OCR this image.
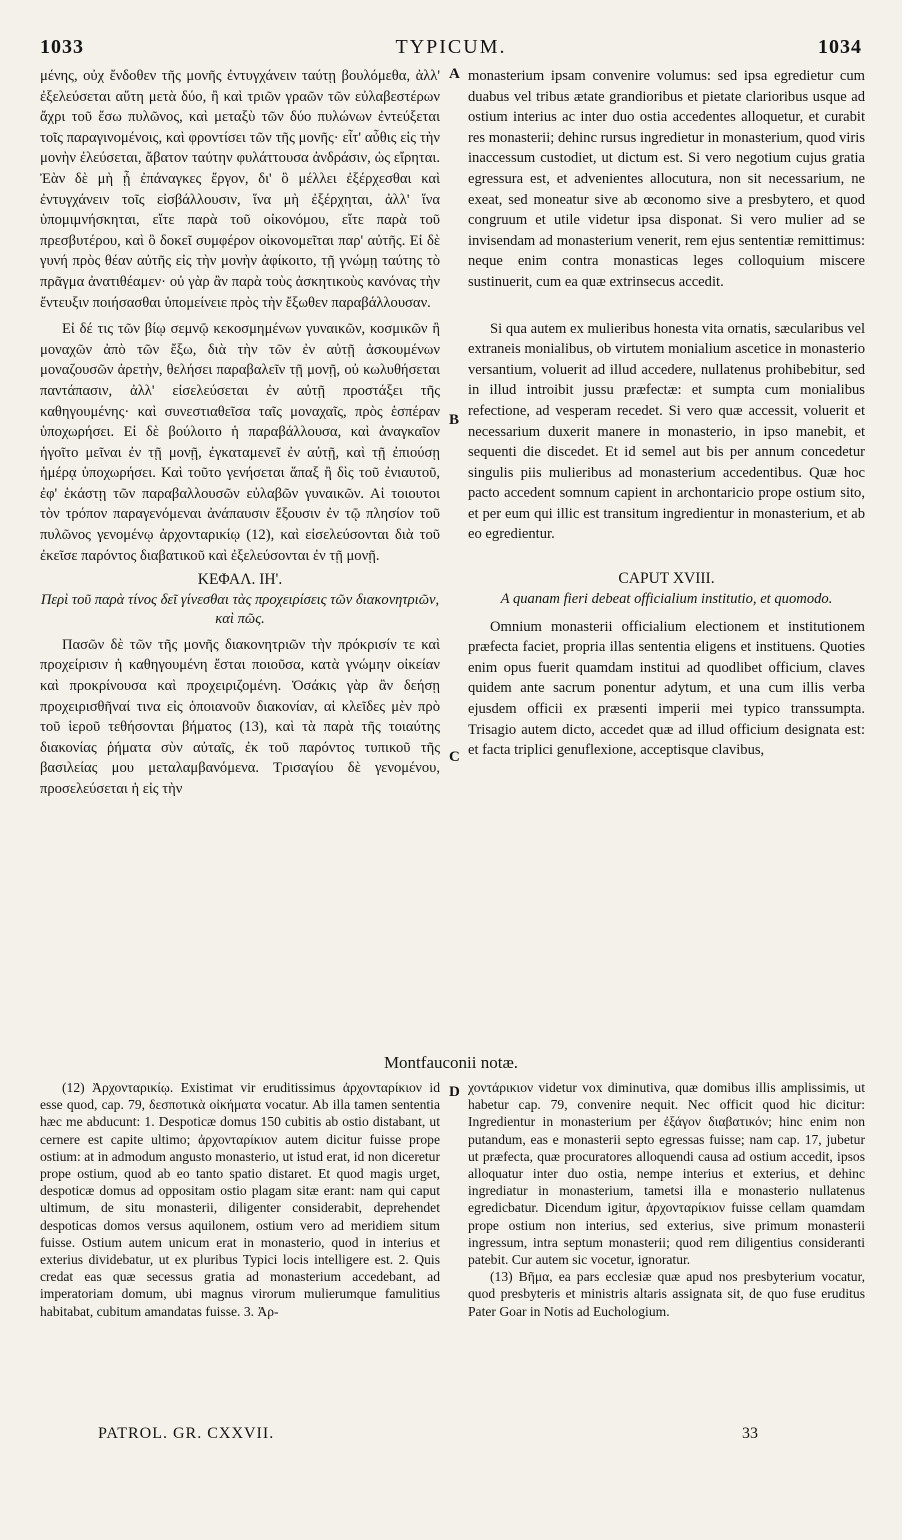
1033	TYPICUM.	1034

μένης, οὐχ ἔνδοθεν τῆς μονῆς ἐντυγχάνειν ταύτῃ βουλόμεθα, ἀλλ' ἐξελεύσεται αὕτη μετὰ δύο, ἢ καὶ τριῶν γραῶν τῶν εὐλαβεστέρων ἄχρι τοῦ ἔσω πυλῶνος, καὶ μεταξὺ τῶν δύο πυλώνων ἐντεύξεται τοῖς παραγινομένοις, καὶ φροντίσει τῶν τῆς μονῆς· εἶτ' αὖθις εἰς τὴν μονὴν ἐλεύσεται, ἄβατον ταύτην φυλάττουσα ἀνδράσιν, ὡς εἴρηται. Ἐὰν δὲ μὴ ᾖ ἐπάναγκες ἔργον, δι' ὃ μέλλει ἐξέρχεσθαι καὶ ἐντυγχάνειν τοῖς εἰσβάλλουσιν, ἵνα μὴ ἐξέρχηται, ἀλλ' ἵνα ὑπομιμνήσκηται, εἴτε παρὰ τοῦ οἰκονόμου, εἴτε παρὰ τοῦ πρεσβυτέρου, καὶ ὃ δοκεῖ συμφέρον οἰκονομεῖται παρ' αὐτῆς. Εἰ δὲ γυνή πρὸς θέαν αὐτῆς εἰς τὴν μονὴν ἀφίκοιτο, τῇ γνώμῃ ταύτης τὸ πρᾶγμα ἀνατιθέαμεν· οὐ γὰρ ἂν παρὰ τοὺς ἀσκητικοὺς κανόνας τὴν ἔντευξιν ποιήσασθαι ὑπομείνειε πρὸς τὴν ἔξωθεν παραβάλλουσαν.

Εἰ δέ τις τῶν βίῳ σεμνῷ κεκοσμημένων γυναικῶν, κοσμικῶν ἢ μοναχῶν ἀπὸ τῶν ἔξω, διὰ τὴν τῶν ἐν αὐτῇ ἀσκουμένων μοναζουσῶν ἀρετὴν, θελήσει παραβαλεῖν τῇ μονῇ, οὐ κωλυθήσεται παντάπασιν, ἀλλ' εἰσελεύσεται ἐν αὐτῇ προστάξει τῆς καθηγουμένης· καὶ συνεστιαθεῖσα ταῖς μοναχαῖς, πρὸς ἑσπέραν ὑποχωρήσει. Εἰ δὲ βούλοιτο ἡ παραβάλλουσα, καὶ ἀναγκαῖον ἡγοῖτο μεῖναι ἐν τῇ μονῇ, ἐγκαταμενεῖ ἐν αὐτῇ, καὶ τῇ ἐπιούσῃ ἡμέρᾳ ὑποχωρήσει. Καὶ τοῦτο γενήσεται ἅπαξ ἢ δὶς τοῦ ἐνιαυτοῦ, ἐφ' ἑκάστῃ τῶν παραβαλλουσῶν εὐλαβῶν γυναικῶν. Αἱ τοιουτοι τὸν τρόπον παραγενόμεναι ἀνάπαυσιν ἕξουσιν ἐν τῷ πλησίον τοῦ πυλῶνος γενομένῳ ἀρχονταρικίῳ (12), καὶ εἰσελεύσονται διὰ τοῦ ἐκεῖσε παρόντος διαβατικοῦ καὶ ἐξελεύσονται ἐν τῇ μονῇ.

ΚΕΦΑΛ. ΙΗ'.
Περὶ τοῦ παρὰ τίνος δεῖ γίνεσθαι τὰς προχειρίσεις τῶν διακονητριῶν, καὶ πῶς.

Πασῶν δὲ τῶν τῆς μονῆς διακονητριῶν τὴν πρόκρισίν τε καὶ προχείρισιν ἡ καθηγουμένη ἔσται ποιοῦσα, κατὰ γνώμην οἰκείαν καὶ προκρίνουσα καὶ προχειριζομένη. Ὁσάκις γὰρ ἂν δεήσῃ προχειρισθῆναί τινα εἰς ὁποιανοῦν διακονίαν, αἱ κλεῖδες μὲν πρὸ τοῦ ἱεροῦ τεθήσονται βήματος (13), καὶ τὰ παρὰ τῆς τοιαύτης διακονίας ῥήματα σὺν αὐταῖς, ἐκ τοῦ παρόντος τυπικοῦ τῆς βασιλείας μου μεταλαμβανόμενα. Τρισαγίου δὲ γενομένου, προσελεύσεται ἡ εἰς τὴν

monasterium ipsam convenire volumus: sed ipsa egredietur cum duabus vel tribus ætate grandioribus et pietate clarioribus usque ad ostium interius ac inter duo ostia accedentes alloquetur, et curabit res monasterii; dehinc rursus ingredietur in monasterium, quod viris inaccessum custodiet, ut dictum est. Si vero negotium cujus gratia egressura est, et advenientes allocutura, non sit necessarium, ne exeat, sed moneatur sive ab œconomo sive a presbytero, et quod congruum et utile videtur ipsa disponat. Si vero mulier ad se invisendam ad monasterium venerit, rem ejus sententiæ remittimus: neque enim contra monasticas leges colloquium miscere sustinuerit, cum ea quæ extrinsecus accedit.

Si qua autem ex mulieribus honesta vita ornatis, sæcularibus vel extraneis monialibus, ob virtutem monialium ascetice in monasterio versantium, voluerit ad illud accedere, nullatenus prohibebitur, sed in illud introibit jussu præfectæ: et sumpta cum monialibus refectione, ad vesperam recedet. Si vero quæ accessit, voluerit et necessarium duxerit manere in monasterio, in ipso manebit, et sequenti die discedet. Et id semel aut bis per annum concedetur singulis piis mulieribus ad monasterium accedentibus. Quæ hoc pacto accedent somnum capient in archontaricio prope ostium sito, et per eum qui illic est transitum ingredientur in monasterium, et ab eo egredientur.

CAPUT XVIII.
A quanam fieri debeat officialium institutio, et quomodo.

Omnium monasterii officialium electionem et institutionem præfecta faciet, propria illas sententia eligens et instituens. Quoties enim opus fuerit quamdam institui ad quodlibet officium, claves quidem ante sacrum ponentur adytum, et una cum illis verba ejusdem officii ex præsenti imperii mei typico transsumpta. Trisagio autem dicto, accedet quæ ad illud officium designata est: et facta triplici genuflexione, acceptisque clavibus,

A
B
C
D
Montfauconii notæ.

(12) Ἀρχονταρικίῳ. Existimat vir eruditissimus ἀρχονταρίκιον id esse quod, cap. 79, δεσποτικὰ οἰκήματα vocatur. Ab illa tamen sententia hæc me abducunt: 1. Despoticæ domus 150 cubitis ab ostio distabant, ut cernere est capite ultimo; ἀρχονταρίκιον autem dicitur fuisse prope ostium: at in admodum angusto monasterio, ut istud erat, id non diceretur prope ostium, quod ab eo tanto spatio distaret. Et quod magis urget, despoticæ domus ad oppositam ostio plagam sitæ erant: nam qui caput ultimum, de situ monasterii, diligenter considerabit, deprehendet despoticas domos versus aquilonem, ostium vero ad meridiem situm fuisse. Ostium autem unicum erat in monasterio, quod in interius et exterius dividebatur, ut ex pluribus Typici locis intelligere est. 2. Quis credat eas quæ secessus gratia ad monasterium accedebant, ad imperatoriam domum, ubi magnus virorum mulierumque famulitius habitabat, cubitum amandatas fuisse. 3. Ἀρ-

χοντάρικιον videtur vox diminutiva, quæ domibus illis amplissimis, ut habetur cap. 79, convenire nequit. Nec officit quod hic dicitur: Ingredientur in monasterium per ἐξάγον διαβατικόν; hinc enim non putandum, eas e monasterii septo egressas fuisse; nam cap. 17, jubetur ut præfecta, quæ procuratores alloquendi causa ad ostium accedit, ipsos alloquatur inter duo ostia, nempe interius et exterius, et dehinc ingrediatur in monasterium, tametsi illa e monasterio nullatenus egredicbatur. Dicendum igitur, ἀρχονταρίκιον fuisse cellam quamdam prope ostium non interius, sed exterius, sive primum monasterii ingressum, intra septum monasterii; quod rem diligentius consideranti patebit. Cur autem sic vocetur, ignoratur.

(13) Βῆμα, ea pars ecclesiæ quæ apud nos presbyterium vocatur, quod presbyteris et ministris altaris assignata sit, de quo fuse eruditus Pater Goar in Notis ad Euchologium.

PATROL. GR. CXXVII.	33
